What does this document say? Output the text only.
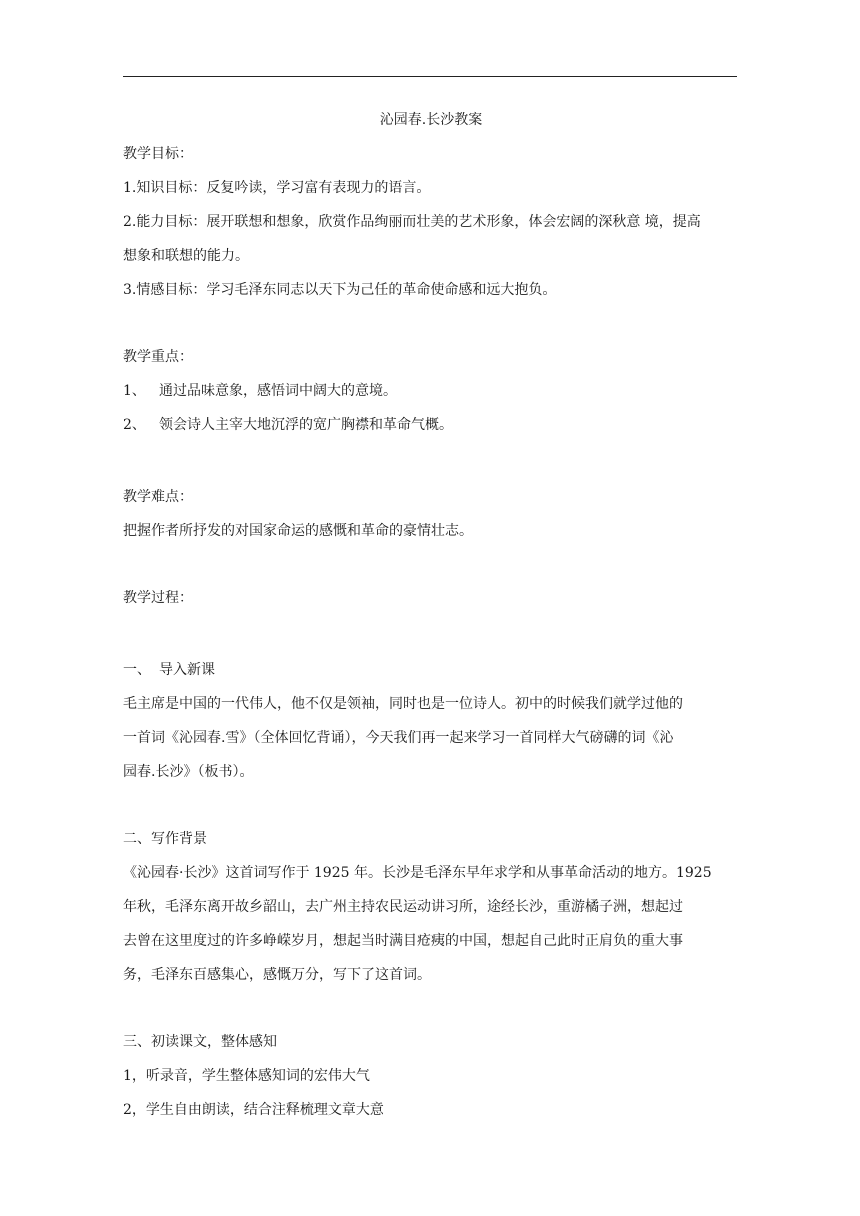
沁园春.长沙教案
教学目标：
1.知识目标：反复吟读，学习富有表现力的语言。
2.能力目标：展开联想和想象，欣赏作品绚丽而壮美的艺术形象，体会宏阔的深秋意 境，提高
想象和联想的能力。
3.情感目标：学习毛泽东同志以天下为己任的革命使命感和远大抱负。
教学重点：
1、 通过品味意象，感悟词中阔大的意境。
2、 领会诗人主宰大地沉浮的宽广胸襟和革命气概。
教学难点：
把握作者所抒发的对国家命运的感慨和革命的豪情壮志。
教学过程：
一、 导入新课
毛主席是中国的一代伟人，他不仅是领袖，同时也是一位诗人。初中的时候我们就学过他的
一首词《沁园春.雪》（全体回忆背诵），今天我们再一起来学习一首同样大气磅礴的词《沁
园春.长沙》（板书）。
二、写作背景
《沁园春·长沙》这首词写作于 1925 年。长沙是毛泽东早年求学和从事革命活动的地方。1925
年秋，毛泽东离开故乡韶山，去广州主持农民运动讲习所，途经长沙，重游橘子洲，想起过
去曾在这里度过的许多峥嵘岁月，想起当时满目疮痍的中国，想起自己此时正肩负的重大事
务，毛泽东百感集心，感慨万分，写下了这首词。
三、初读课文，整体感知
1，听录音，学生整体感知词的宏伟大气
2，学生自由朗读，结合注释梳理文章大意
